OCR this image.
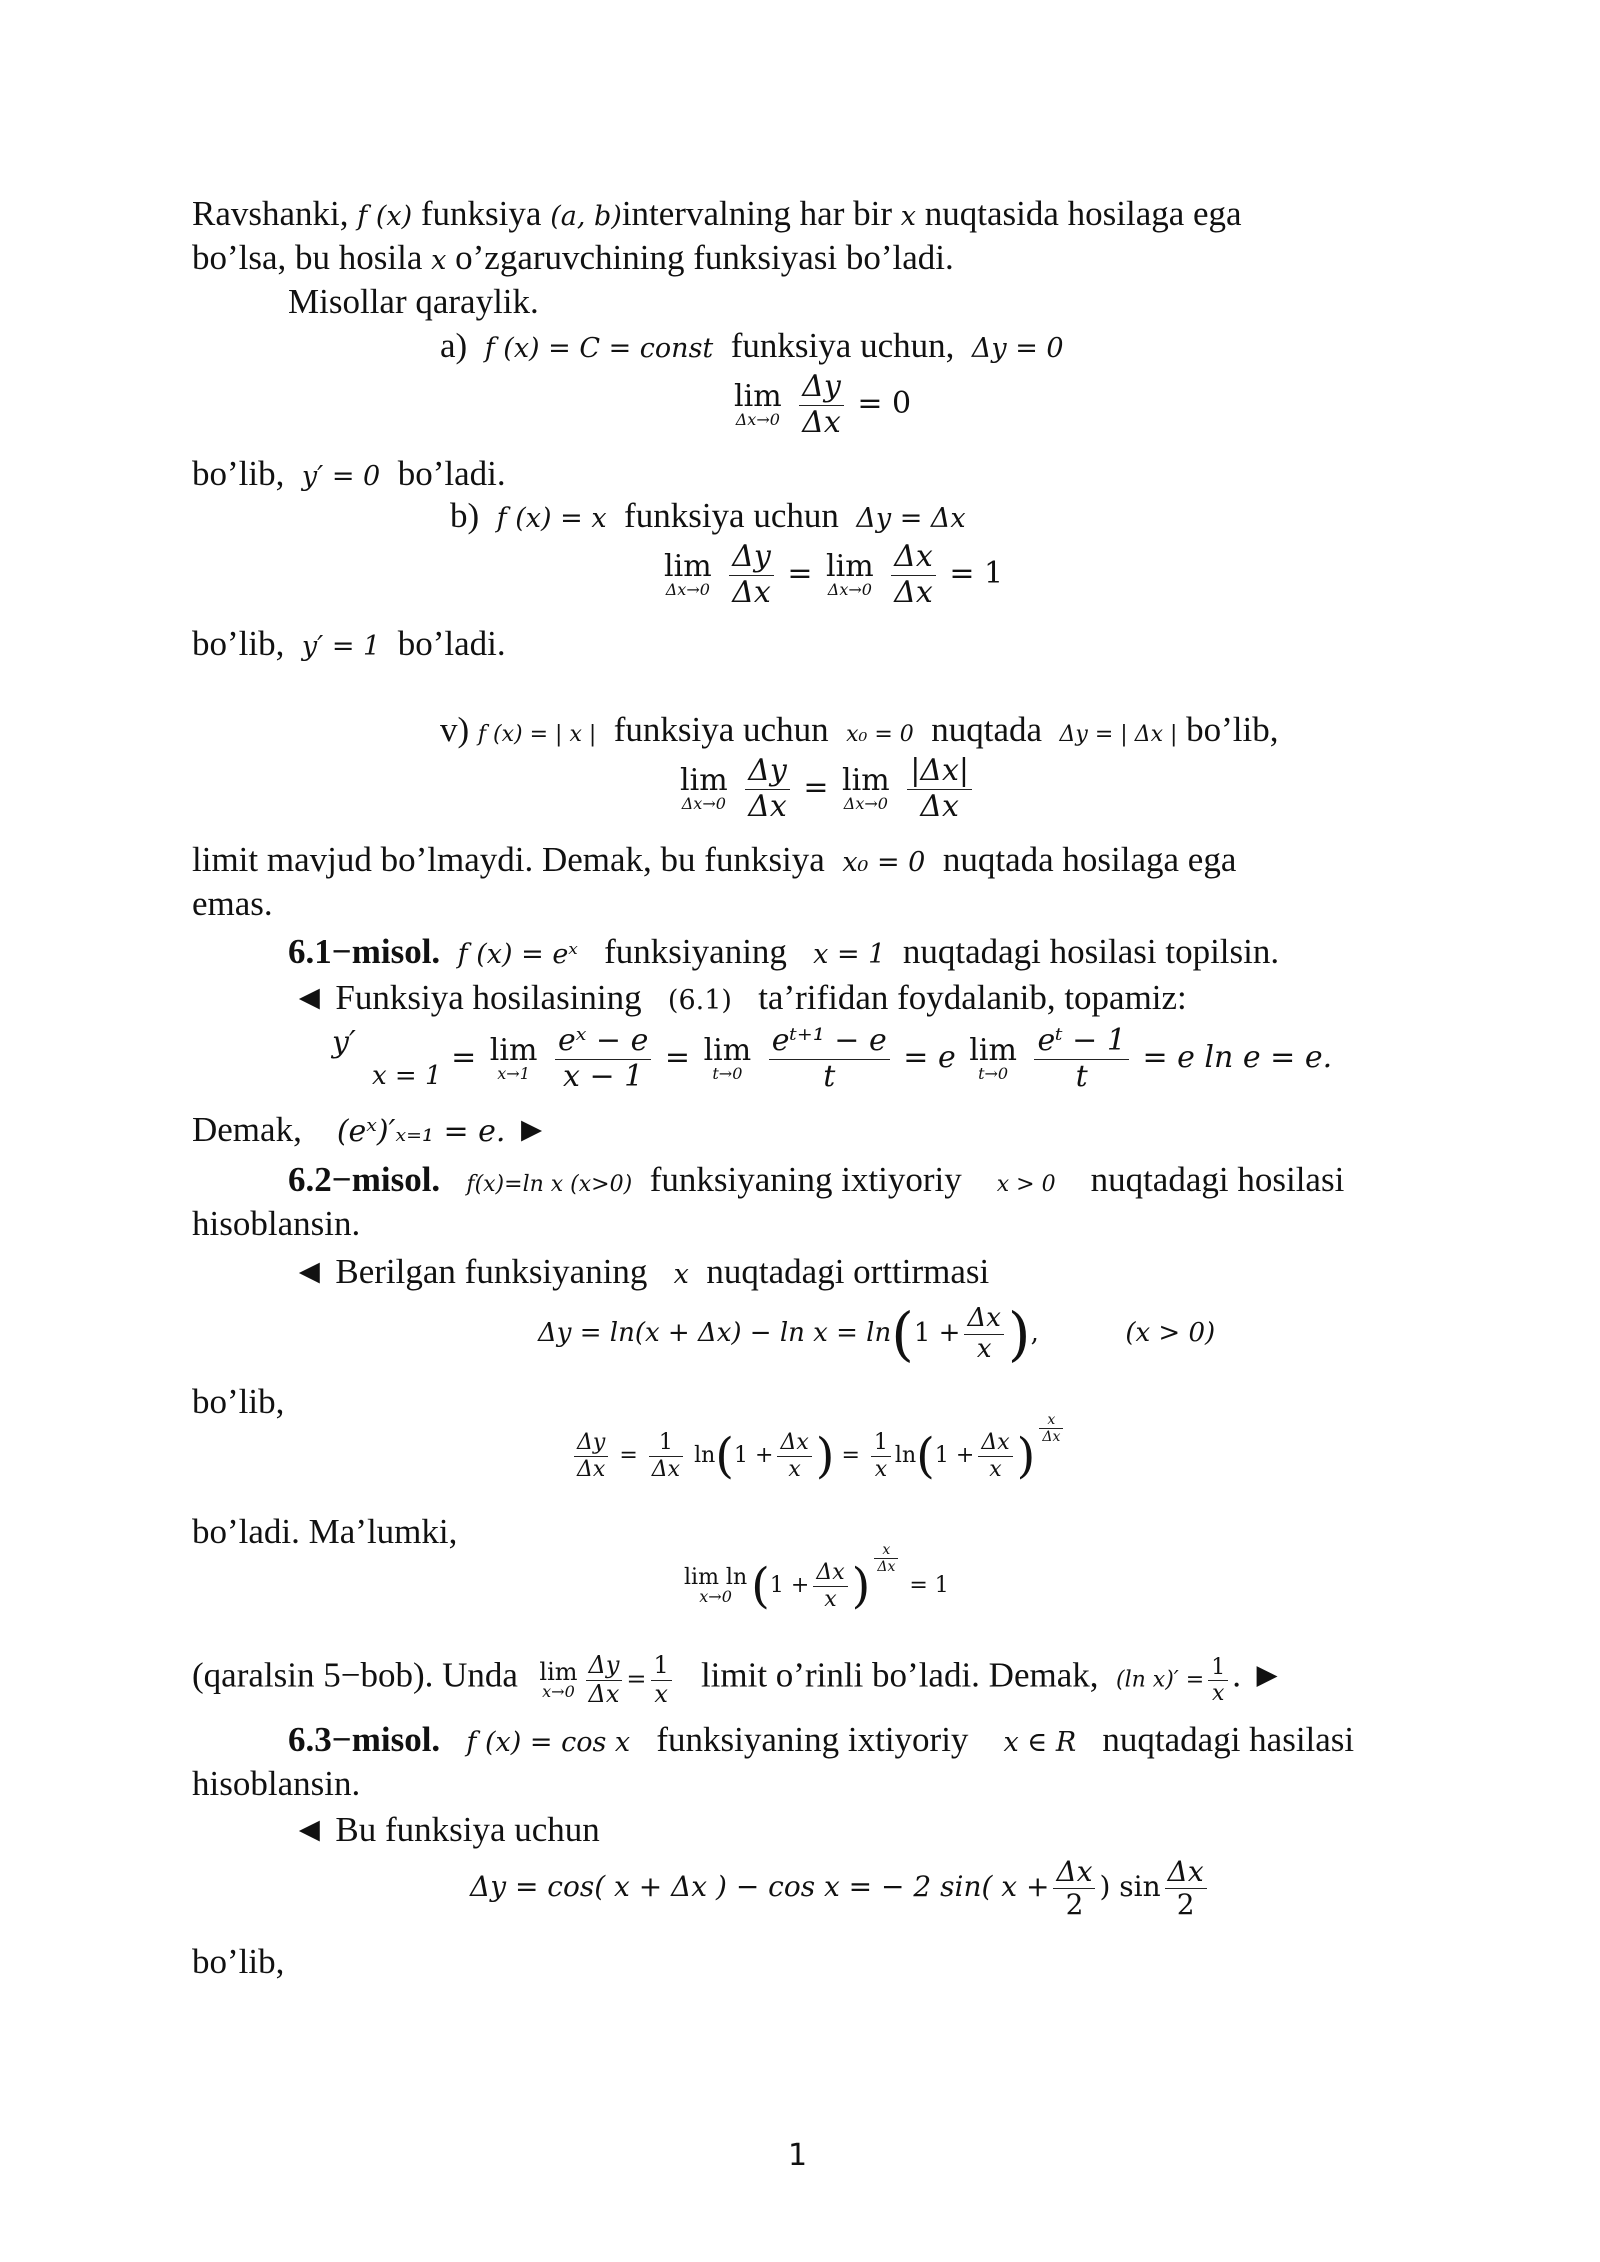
Ravshanki, f (x) funksiya (a, b)intervalning har bir x nuqtasida hosilaga ega
bo’lsa, bu hosila x o’zgaruvchining funksiyasi bo’ladi.
Misollar qaraylik.
a) f (x) = C = const funksiya uchun, Δy = 0
lim
Δx→0
$\frac{\Delta y}{\Delta x} = 0$
bo’lib, y′ = 0 bo’ladi.
b) f (x) = x funksiya uchun Δy = Δx
lim
Δx→0
$\frac{\Delta y}{\Delta x} = \lim$
Δx→0
$\frac{\Delta x}{\Delta x} = 1$
bo’lib, y′ = 1 bo’ladi.
v) f (x) = | x | funksiya uchun x₀ = 0 nuqtada Δy = | Δx | bo’lib,
lim
Δx→0
$\frac{\Delta y}{\Delta x} = \lim$
Δx→0
$\frac{|\Delta x|}{\Delta x}$
limit mavjud bo’lmaydi. Demak, bu funksiya x₀ = 0 nuqtada hosilaga ega
emas.
6.1−misol. f (x) = eˣ funksiyaning x = 1 nuqtadagi hosilasi topilsin.
◄ Funksiya hosilasining (6.1) ta’rifidan foydalanib, topamiz:
y′
x = 1
= lim
x→1
$\frac{\text{eˣ − e}}{x - 1} = \lim$
t→0
$\frac{\text{eᵗ⁺¹ − e}}{t} = e$ lim
t→0
$\frac{\text{eᵗ − 1}}{t} = e$ ln e = e.
Demak, (eˣ)′ₓ₌₁ = e. ►
6.2−misol. f(x)=ln x (x>0) funksiyaning ixtiyoriy x > 0 nuqtadagi hosilasi
hisoblansin.
◄ Berilgan funksiyaning x nuqtadagi orttirmasi
$\Delta y = \ln(x + \Delta x) - \ln x = \ln(1 + \frac{\Delta x}{x}$ ),	(x > 0)
bo’lib,
$\frac{\Delta y}{\Delta x} = \frac{1}{\Delta x} \ln(1 + \frac{\Delta x}{x}$ ) = $\frac{1}{x} \ln(1 + \frac{\Delta x}{x}$ ) $\frac{x}{\Delta x}$
bo’ladi. Ma’lumki,
lim ln
x→0 ($1 + \frac{\Delta x}{x}$ ) $\frac{x}{\Delta x}$
= 1
(qaralsin 5−bob). Unda lim
$x\to 0 \frac{\Delta y}{\Delta x} = \frac{1}{x}$ limit o’rinli bo’ladi. Demak, (ln $x)' = \frac{1}{x}$ . ►
6.3−misol. f (x) = cos x funksiyaning ixtiyoriy x ∈ R nuqtadagi hasilasi
hisoblansin.
◄ Bu funksiya uchun
Δy = cos( x + Δx ) − cos x = − 2 sin( $x + \frac{\Delta x}{2}$ ) $\sin \frac{\Delta x}{2}$
bo’lib,
1
